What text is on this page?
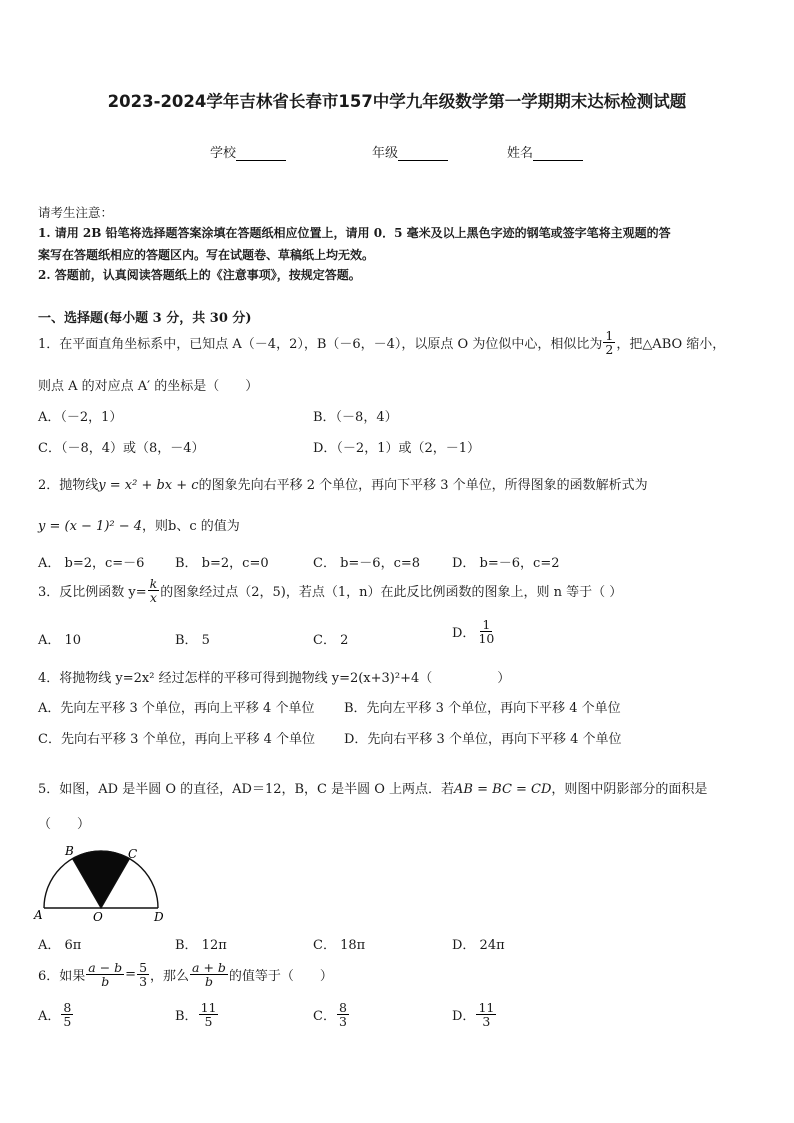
2023-2024学年吉林省长春市157中学九年级数学第一学期期末达标检测试题
学校	年级	姓名
请考生注意：
1. 请用 2B 铅笔将选择题答案涂填在答题纸相应位置上，请用 0．5 毫米及以上黑色字迹的钢笔或签字笔将主观题的答
案写在答题纸相应的答题区内。写在试题卷、草稿纸上均无效。
2. 答题前，认真阅读答题纸上的《注意事项》，按规定答题。
一、选择题(每小题 3 分，共 30 分)
1．在平面直角坐标系中，已知点 A（－4，2），B（－6，－4），以原点 O 为位似中心，相似比为 $\frac{1}{2}$ ，把△ABO 缩小，
则点 A 的对应点 A′ 的坐标是（　　）
A．（－2，1）	B．（－8，4）
C．（－8，4）或（8，－4）	D．（－2，1）或（2，－1）
2．抛物线y = x² + bx + c的图象先向右平移 2 个单位，再向下平移 3 个单位，所得图象的函数解析式为
y = (x − 1)² − 4，则b、c 的值为
A． b=2，c=－6 B． b=2，c=0	C． b=－6，c=8 D． b=－6，c=2
3．反比例函数 $y= \frac{k}{x}$ 的图象经过点（2，5)，若点（1，n）在此反比例函数的图象上，则 n 等于（ ）
A． 10	B． 5	C． 2	D． $\frac{1}{10}$
4．将抛物线 y=2x² 经过怎样的平移可得到抛物线 y=2(x+3)²+4（　　　　　）
A．先向左平移 3 个单位，再向上平移 4 个单位 B．先向左平移 3 个单位，再向下平移 4 个单位
C．先向右平移 3 个单位，再向上平移 4 个单位 D．先向右平移 3 个单位，再向下平移 4 个单位
5．如图，AD 是半圆 O 的直径，AD＝12，B，C 是半圆 O 上两点．若AB = BC = CD，则图中阴影部分的面积是
（　　）
A
B	C
D
O
A． 6π	B． 12π	C． 18π	D． 24π
6．如果 $\frac{a - b}{b} = \frac{5}{3}$ ，那么 $\frac{a + b}{b}$ 的值等于（　　）
A． $\frac{8}{5}$	B． $\frac{11}{5}$	C． $\frac{8}{3}$	D． $\frac{11}{3}$
